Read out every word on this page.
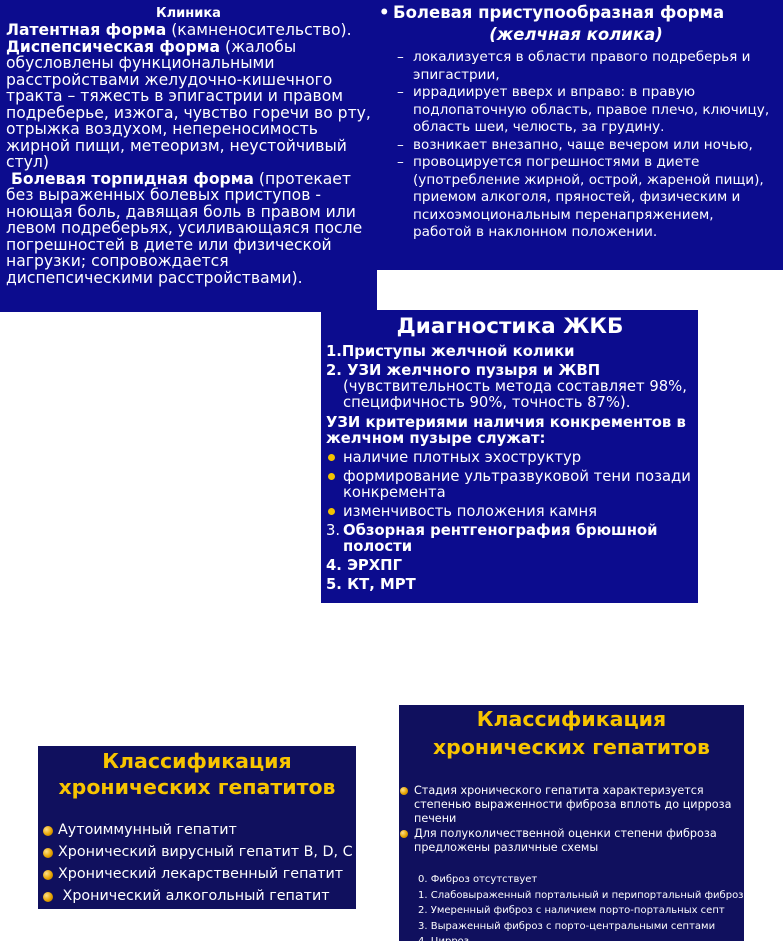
Клиника

Латентная форма (камненосительство).

Диспепсическая форма (жалобы обусловлены функциональными расстройствами желудочно-кишечного тракта – тяжесть в эпигастрии и правом подреберье, изжога, чувство горечи во рту, отрыжка воздухом, непереносимость жирной пищи, метеоризм, неустойчивый стул)

Болевая торпидная форма (протекает без выраженных болевых приступов - ноющая боль, давящая боль в правом или левом подреберьях, усиливающаяся после погрешностей в диете или физической нагрузки; сопровождается диспепсическими расстройствами).

• Болевая приступообразная форма
(желчная колика)
– локализуется в области правого подреберья и эпигастрии,
– иррадиирует вверх и вправо: в правую подлопаточную область, правое плечо, ключицу, область шеи, челюсть, за грудину.
– возникает внезапно, чаще вечером или ночью,
– провоцируется погрешностями в диете (употребление жирной, острой, жареной пищи), приемом алкоголя, пряностей, физическим и психоэмоциональным перенапряжением, работой в наклонном положении.
Диагностика ЖКБ
1.Приступы желчной колики
2. УЗИ желчного пузыря и ЖВП
(чувствительность метода составляет 98%, специфичность 90%, точность 87%).
УЗИ критериями наличия конкрементов в желчном пузыре служат:
наличие плотных эхоструктур
формирование ультразвуковой тени позади конкремента
изменчивость положения камня
3. Обзорная рентгенография брюшной полости
4. ЭРХПГ
5. КТ, МРТ
Классификация хронических гепатитов
Аутоиммунный гепатит
Хронический вирусный гепатит В, D, C
Хронический лекарственный гепатит
Хронический алкогольный гепатит
Классификация хронических гепатитов
Стадия хронического гепатита характеризуется степенью выраженности фиброза вплоть до цирроза печени
Для полуколичественной оценки степени фиброза предложены различные схемы
0. Фиброз отсутствует
1. Слабовыраженный портальный и перипортальный фиброз
2. Умеренный фиброз с наличием порто-портальных септ
3. Выраженный фиброз с порто-центральными септами
4. Цирроз
